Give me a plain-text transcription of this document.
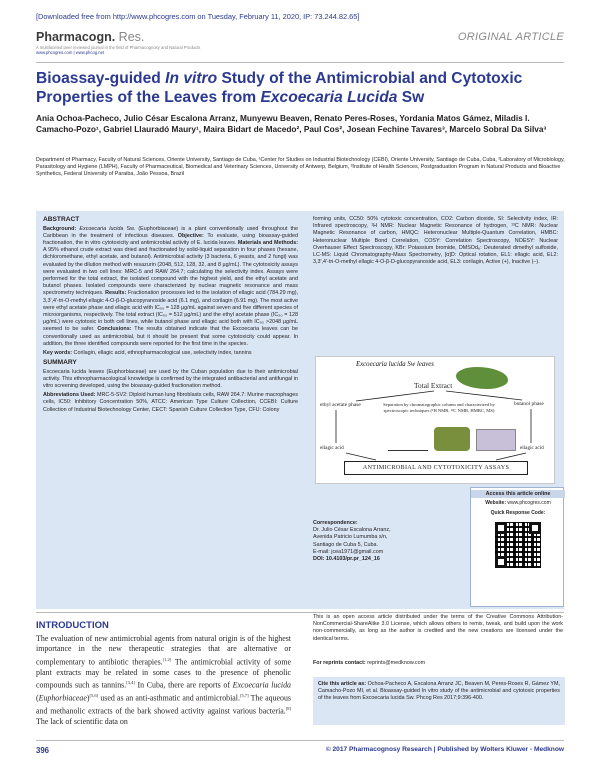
[Downloaded free from http://www.phcogres.com on Tuesday, February 11, 2020, IP: 73.244.82.65]
Pharmacogn. Res.
A multifaceted peer reviewed journal in the field of Pharmacognosy and Natural Products
www.phcogres.com | www.phcog.net
ORIGINAL ARTICLE
Bioassay-guided In vitro Study of the Antimicrobial and Cytotoxic Properties of the Leaves from Excoecaria Lucida Sw
Ania Ochoa-Pacheco, Julio César Escalona Arranz, Munyewu Beaven, Renato Peres-Roses, Yordania Matos Gámez, Miladis I. Camacho-Pozo¹, Gabriel Llauradó Maury¹, Maira Bidart de Macedo², Paul Cos², Josean Fechine Tavares³, Marcelo Sobral Da Silva³
Department of Pharmacy, Faculty of Natural Sciences, Oriente University, Santiago de Cuba, ¹Center for Studies on Industrial Biotechnology (CEBI), Oriente University, Santiago de Cuba, Cuba, ²Laboratory of Microbiology, Parasitology and Hygiene (LMPH), Faculty of Pharmaceutical, Biomedical and Veterinary Sciences, University of Antwerp, Belgium, ³Institute of Health Sciences, Postgraduation Program in Natural Products and Bioactive Synthetics, Federal University of Paraiba, João Pessoa, Brazil
ABSTRACT
Background: Excoecaria lucida Sw. (Euphorbiaceae) is a plant conventionally used throughout the Caribbean in the treatment of infectious diseases. Objective: To evaluate, using bioassay-guided fractionation, the in vitro cytotoxicity and antimicrobial activity of E. lucida leaves. Materials and Methods: A 95% ethanol crude extract was dried and fractionated by solid-liquid separation in four phases (hexane, dichloromethane, ethyl acetate, and butanol). Antimicrobial activity (3 bacteria, 6 yeasts, and 2 fungi) was evaluated by the dilution method with resazurin (2048, 512, 128, 32, and 8 µg/mL). The cytotoxicity assays were evaluated in two cell lines: MRC-5 and RAW 264.7; calculating the selectivity index. Assays were performed for the total extract, the isolated compound with the highest yield, and the ethyl acetate and butanol phases. Isolated compounds were characterized by nuclear magnetic resonance and mass spectrometry techniques. Results: Fractionation processes led to the isolation of ellagic acid (784.29 mg), 3,3',4'-tri-O-methyl ellagic 4-O-β-D-glucopyranoside acid (6.1 mg), and corilagin (6.91 mg). The most active were ethyl acetate phase and ellagic acid with IC₅₀ = 128 µg/mL against seven and five different species of microorganisms, respectively. The total extract (IC₅₀ = 512 µg/mL) and the ethyl acetate phase (IC₅₀ = 128 µg/mL) were cytotoxic in both cell lines, while butanol phase and ellagic acid both with IC₅₀ >2048 µg/mL seemed to be safer. Conclusions: The results obtained indicate that the Excoecaria leaves can be conventionally used as antimicrobial, but it should be present that some cytotoxicity could appear. In addition, the three identified compounds were reported for the first time in the species.
Key words: Corilagin, ellagic acid, ethnopharmacological use, selectivity index, tannins
SUMMARY
Excoecaria lucida leaves (Euphorbiaceae) are used by the Cuban population due to their antimicrobial activity. This ethnopharmacological knowledge is confirmed by the integrated antibacterial and antifungal in vitro screening developed, using the bioassay-guided fractionation method.
Abbreviations Used: MRC-5-SV2: Diploid human lung fibroblasts cells, RAW 264.7: Murine macrophages cells, IC50: Inhibitory Concentration 50%, ATCC: American Type Culture Collection, CCEBI: Culture Collection of Industrial Biotechnology Center, CECT: Spanish Culture Collection Type, CFU: Colony
forming units, CC50: 50% cytotoxic concentration, CO2: Carbon dioxide, SI: Selectivity index, IR: Infrared spectroscopy, ¹H NMR: Nuclear Magnetic Resonance of hydrogen, ¹³C NMR: Nuclear Magnetic Resonance of carbon, HMQC: Heteronuclear Multiple-Quantum Correlation, HMBC: Heteronuclear Multiple Bond Correlation, COSY: Correlation Spectroscopy, NOESY: Nuclear Overhauser Effect Spectroscopy, KBr: Potassium bromide, DMSOd₆: Deuterated dimethyl sulfoxide, LC-MS: Liquid Chromatography-Mass Spectrometry, [α]D: Optical rotation, EL1: ellagic acid, EL2: 3,3',4'-tri-O-methyl ellagic 4-O-β-D-glucopyranoside acid, EL3: corilagin, Active (+), Inactive (–).
Excoecaria lucida Sw leaves
Total Extract
ethyl acetate phase	butanol phase
Separation by chromatographic column and characterized by spectroscopic techniques (¹H NMR, ¹³C NMR, HMBC, MS)
ellagic acid	ellagic acid
ANTIMICROBIAL AND CYTOTOXICITY ASSAYS
Correspondence:
Dr. Julio César Escalona Arranz,
Avenida Patricio Lumumba s/n,
Santiago de Cuba 5, Cuba.
E-mail: jcea1971@gmail.com
DOI: 10.4103/pr.pr_124_16
Access this article online
Website: www.phcogres.com
Quick Response Code:
INTRODUCTION
The evaluation of new antimicrobial agents from natural origin is of the highest importance in the new therapeutic strategies that are alternative or complementary to antibiotic therapies.[1,2] The antimicrobial activity of some plant extracts may be related in some cases to the presence of phenolic compounds such as tannins.[3,4] In Cuba, there are reports of Excoecaria lucida (Euphorbiaceae)[5,6] used as an anti-asthmatic and antimicrobial.[5,7] The aqueous and methanolic extracts of the bark showed activity against various bacteria.[8] The lack of scientific data on
This is an open access article distributed under the terms of the Creative Commons Attribution-NonCommercial-ShareAlike 3.0 License, which allows others to remix, tweak, and build upon the work non-commercially, as long as the author is credited and the new creations are licensed under the identical terms.
For reprints contact: reprints@medknow.com
Cite this article as: Ochoa-Pacheco A, Escalona Arranz JC, Beaven M, Peres-Roses R, Gámez YM, Camacho-Pozo MI, et al. Bioassay-guided In vitro study of the antimicrobial and cytotoxic properties of the leaves from Excoecaria lucida Sw. Phcog Res 2017;9:396-400.
396	© 2017 Pharmacognosy Research | Published by Wolters Kluwer - Medknow
